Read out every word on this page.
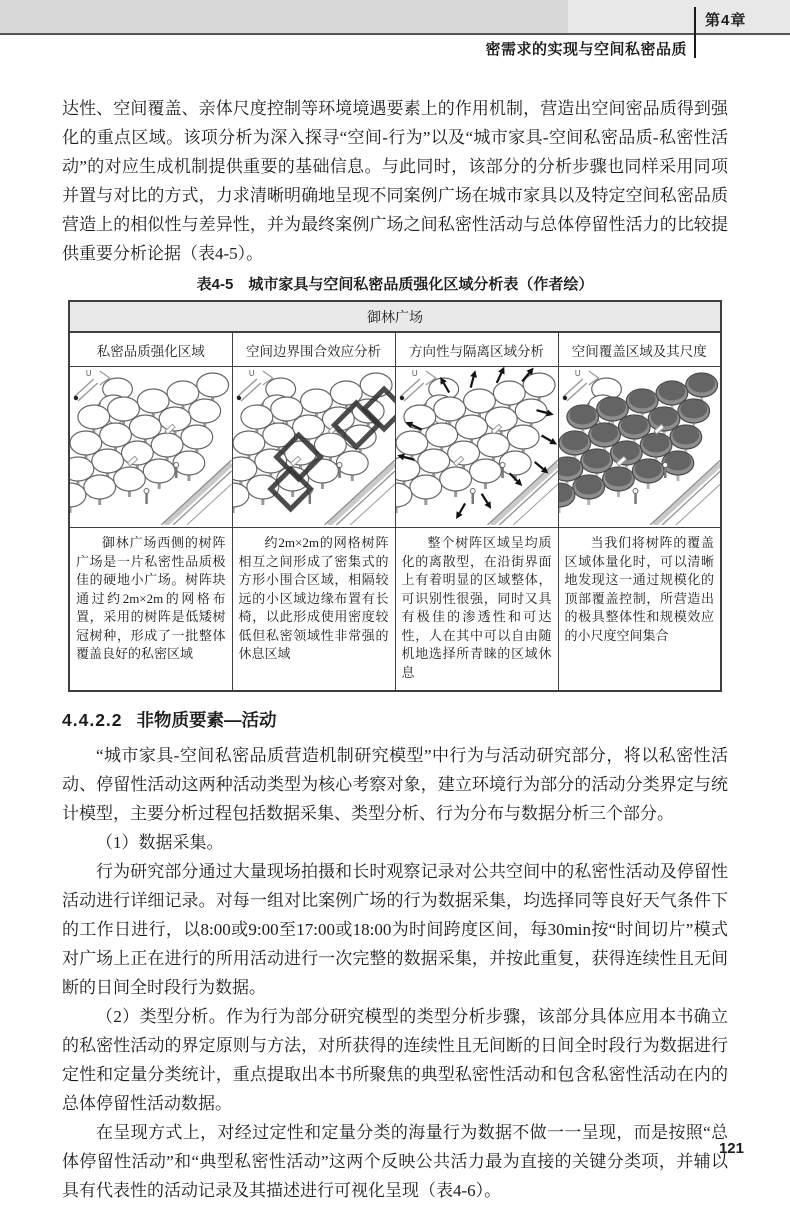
第4章
密需求的实现与空间私密品质

达性、空间覆盖、亲体尺度控制等环境境遇要素上的作用机制，营造出空间密品质得到强化的重点区域。该项分析为深入探寻“空间-行为”以及“城市家具-空间私密品质-私密性活动”的对应生成机制提供重要的基础信息。与此同时，该部分的分析步骤也同样采用同项并置与对比的方式，力求清晰明确地呈现不同案例广场在城市家具以及特定空间私密品质营造上的相似性与差异性，并为最终案例广场之间私密性活动与总体停留性活力的比较提供重要分析论据（表4-5）。

表4-5　城市家具与空间私密品质强化区域分析表（作者绘）
御林广场			
私密品质强化区域	空间边界围合效应分析	方向性与隔离区域分析	空间覆盖区域及其尺度

U	U	U	U

御林广场西侧的树阵广场是一片私密性品质极佳的硬地小广场。树阵块通过约2m×2m的网格布置，采用的树阵是低矮树冠树种，形成了一批整体覆盖良好的私密区域	约2m×2m的网格树阵相互之间形成了密集式的方形小围合区域，相隔较远的小区域边缘布置有长椅，以此形成使用密度较低但私密领域性非常强的休息区域	整个树阵区域呈均质化的离散型，在沿街界面上有着明显的区域整体，可识别性很强，同时又具有极佳的渗透性和可达性，人在其中可以自由随机地选择所青睐的区域休息	当我们将树阵的覆盖区域体量化时，可以清晰地发现这一通过规模化的顶部覆盖控制，所营造出的极具整体性和规模效应的小尺度空间集合
4.4.2.2 非物质要素—活动

“城市家具-空间私密品质营造机制研究模型”中行为与活动研究部分，将以私密性活动、停留性活动这两种活动类型为核心考察对象，建立环境行为部分的活动分类界定与统计模型，主要分析过程包括数据采集、类型分析、行为分布与数据分析三个部分。

（1）数据采集。

行为研究部分通过大量现场拍摄和长时观察记录对公共空间中的私密性活动及停留性活动进行详细记录。对每一组对比案例广场的行为数据采集，均选择同等良好天气条件下的工作日进行，以8:00或9:00至17:00或18:00为时间跨度区间，每30min按“时间切片”模式对广场上正在进行的所用活动进行一次完整的数据采集，并按此重复，获得连续性且无间断的日间全时段行为数据。

（2）类型分析。作为行为部分研究模型的类型分析步骤，该部分具体应用本书确立的私密性活动的界定原则与方法，对所获得的连续性且无间断的日间全时段行为数据进行定性和定量分类统计，重点提取出本书所聚焦的典型私密性活动和包含私密性活动在内的总体停留性活动数据。

在呈现方式上，对经过定性和定量分类的海量行为数据不做一一呈现，而是按照“总体停留性活动”和“典型私密性活动”这两个反映公共活力最为直接的关键分类项，并辅以具有代表性的活动记录及其描述进行可视化呈现（表4-6）。

121
